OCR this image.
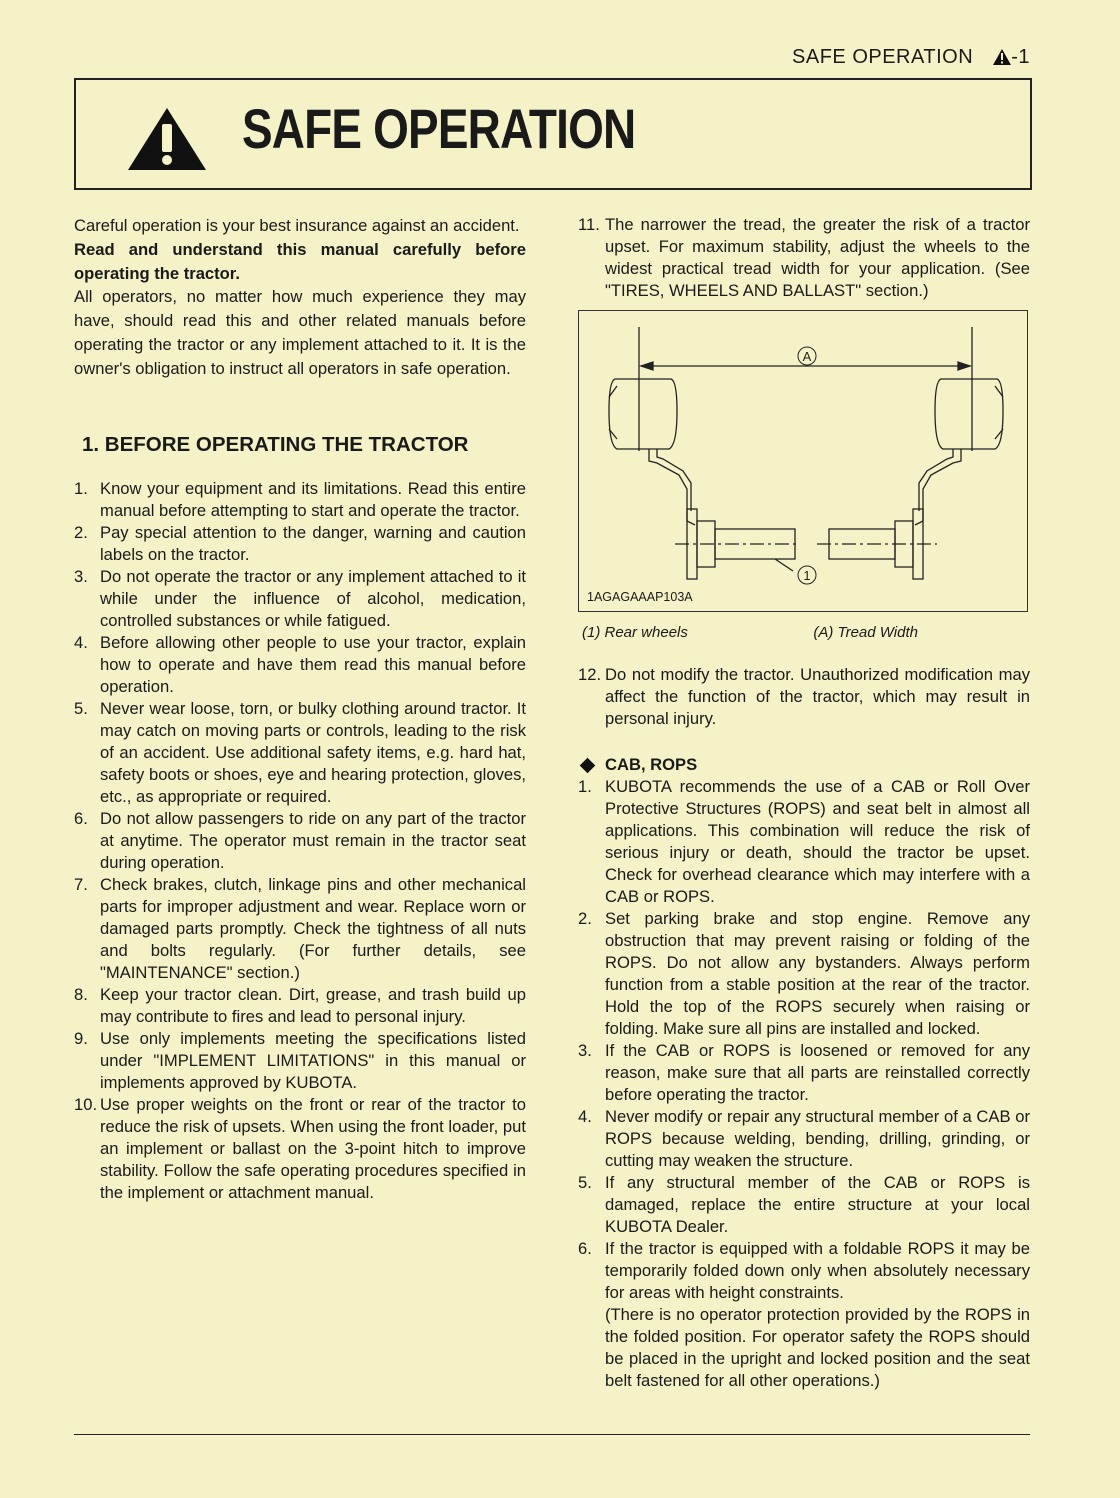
SAFE OPERATION -1
SAFE OPERATION

Careful operation is your best insurance against an accident.

Read and understand this manual carefully before operating the tractor.

All operators, no matter how much experience they may have, should read this and other related manuals before operating the tractor or any implement attached to it. It is the owner's obligation to instruct all operators in safe operation.

1. BEFORE OPERATING THE TRACTOR
1. Know your equipment and its limitations. Read this entire manual before attempting to start and operate the tractor.
2. Pay special attention to the danger, warning and caution labels on the tractor.
3. Do not operate the tractor or any implement attached to it while under the influence of alcohol, medication, controlled substances or while fatigued.
4. Before allowing other people to use your tractor, explain how to operate and have them read this manual before operation.
5. Never wear loose, torn, or bulky clothing around tractor. It may catch on moving parts or controls, leading to the risk of an accident. Use additional safety items, e.g. hard hat, safety boots or shoes, eye and hearing protection, gloves, etc., as appropriate or required.
6. Do not allow passengers to ride on any part of the tractor at anytime. The operator must remain in the tractor seat during operation.
7. Check brakes, clutch, linkage pins and other mechanical parts for improper adjustment and wear. Replace worn or damaged parts promptly. Check the tightness of all nuts and bolts regularly. (For further details, see "MAINTENANCE" section.)
8. Keep your tractor clean. Dirt, grease, and trash build up may contribute to fires and lead to personal injury.
9. Use only implements meeting the specifications listed under "IMPLEMENT LIMITATIONS" in this manual or implements approved by KUBOTA.
10. Use proper weights on the front or rear of the tractor to reduce the risk of upsets. When using the front loader, put an implement or ballast on the 3-point hitch to improve stability. Follow the safe operating procedures specified in the implement or attachment manual.
11. The narrower the tread, the greater the risk of a tractor upset. For maximum stability, adjust the wheels to the widest practical tread width for your application. (See "TIRES, WHEELS AND BALLAST" section.)
A
1
1AGAGAAAP103A
(1) Rear wheels	(A) Tread Width
12. Do not modify the tractor. Unauthorized modification may affect the function of the tractor, which may result in personal injury.
CAB, ROPS
1. KUBOTA recommends the use of a CAB or Roll Over Protective Structures (ROPS) and seat belt in almost all applications. This combination will reduce the risk of serious injury or death, should the tractor be upset. Check for overhead clearance which may interfere with a CAB or ROPS.
2. Set parking brake and stop engine. Remove any obstruction that may prevent raising or folding of the ROPS. Do not allow any bystanders. Always perform function from a stable position at the rear of the tractor. Hold the top of the ROPS securely when raising or folding. Make sure all pins are installed and locked.
3. If the CAB or ROPS is loosened or removed for any reason, make sure that all parts are reinstalled correctly before operating the tractor.
4. Never modify or repair any structural member of a CAB or ROPS because welding, bending, drilling, grinding, or cutting may weaken the structure.
5. If any structural member of the CAB or ROPS is damaged, replace the entire structure at your local KUBOTA Dealer.
6. If the tractor is equipped with a foldable ROPS it may be temporarily folded down only when absolutely necessary for areas with height constraints.
(There is no operator protection provided by the ROPS in the folded position. For operator safety the ROPS should be placed in the upright and locked position and the seat belt fastened for all other operations.)
